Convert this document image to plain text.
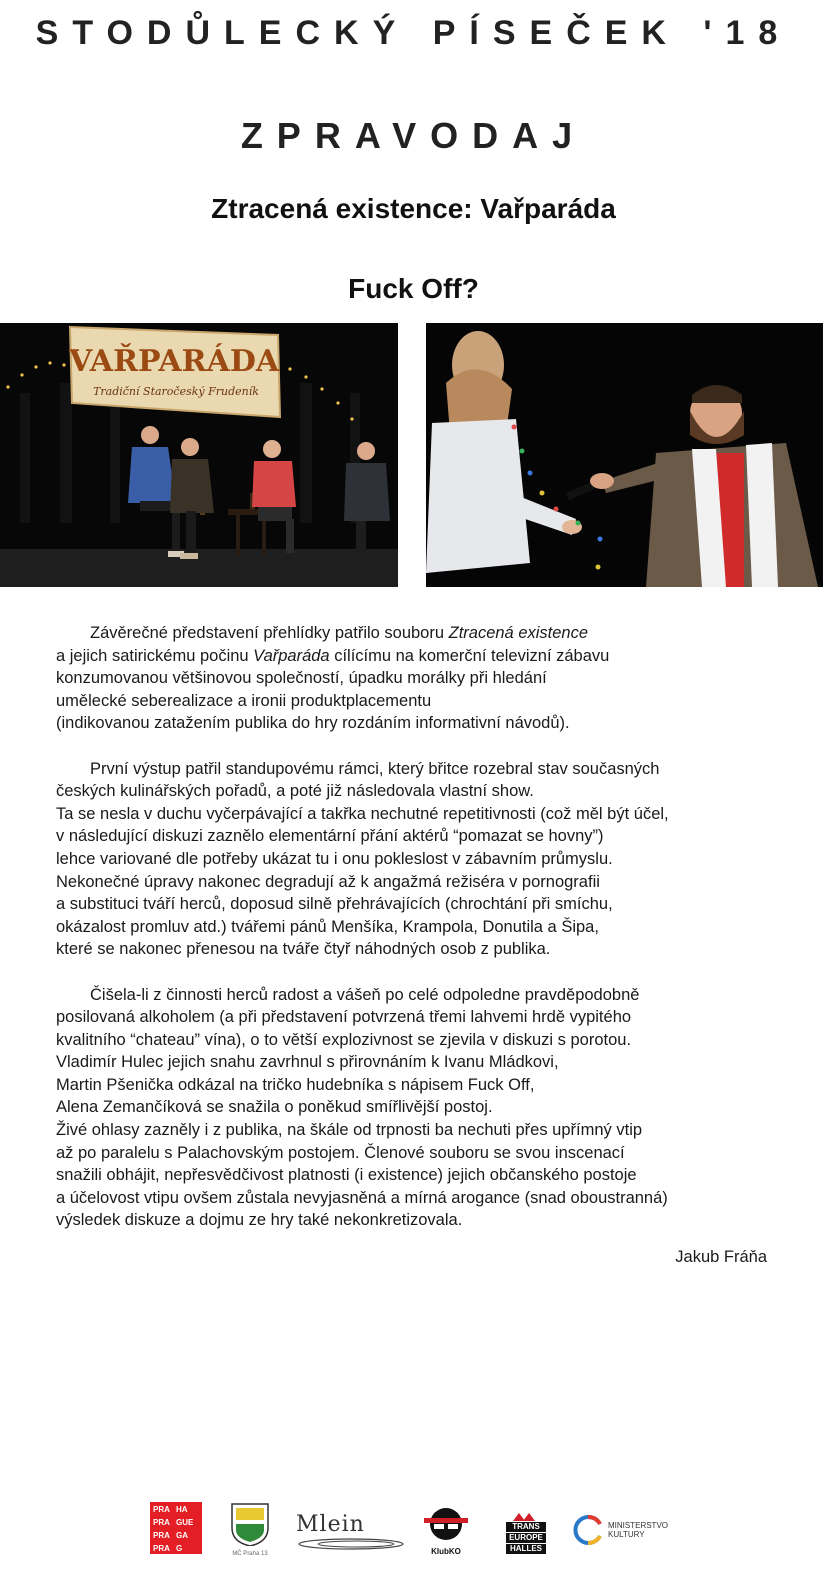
STODŮLECKÝ PÍSEČEK '18
ZPRAVODAJ
Ztracená existence: Vařparáda
Fuck Off?
VAŘPARÁDA
Tradiční Staročeský Frudeník

Závěrečné představení přehlídky patřilo souboru Ztracená existence
a jejich satirickému počinu Vařparáda cílícímu na komerční televizní zábavu
konzumovanou většinovou společností, úpadku morálky při hledání
umělecké seberealizace a ironii produktplacementu
(indikovanou zatažením publika do hry rozdáním informativní návodů).

První výstup patřil standupovému rámci, který břitce rozebral stav současných
českých kulinářských pořadů, a poté již následovala vlastní show.
Ta se nesla v duchu vyčerpávající a takřka nechutné repetitivnosti (což měl být účel,
v následující diskuzi zaznělo elementární přání aktérů “pomazat se hovny”)
lehce variované dle potřeby ukázat tu i onu pokleslost v zábavním průmyslu.
Nekonečné úpravy nakonec degradují až k angažmá režiséra v pornografii
a substituci tváří herců, doposud silně přehrávajících (chrochtání při smíchu,
okázalost promluv atd.) tvářemi pánů Menšíka, Krampola, Donutila a Šipa,
které se nakonec přenesou na tváře čtyř náhodných osob z publika.

Čišela-li z činnosti herců radost a vášeň po celé odpoledne pravděpodobně
posilovaná alkoholem (a při představení potvrzená třemi lahvemi hrdě vypitého
kvalitního “chateau” vína), o to větší explozivnost se zjevila v diskuzi s porotou.
Vladimír Hulec jejich snahu zavrhnul s přirovnáním k Ivanu Mládkovi,
Martin Pšenička odkázal na tričko hudebníka s nápisem Fuck Off,
Alena Zemančíková se snažila o poněkud smířlivější postoj.
Živé ohlasy zazněly i z publika, na škále od trpnosti ba nechuti přes upřímný vtip
až po paralelu s Palachovským postojem. Členové souboru se svou inscenací
snažili obhájit, nepřesvědčivost platnosti (i existence) jejich občanského postoje
a účelovost vtipu ovšem zůstala nevyjasněná a mírná arogance (snad oboustranná)
výsledek diskuze a dojmu ze hry také nekonkretizovala.

Jakub Fráňa
PRA HA
PRA GUE
PRA GA
PRA G
MČ Praha 13
Mlein
KlubKO
TRANS
EUROPE
HALLES
MINISTERSTVO
KULTURY
